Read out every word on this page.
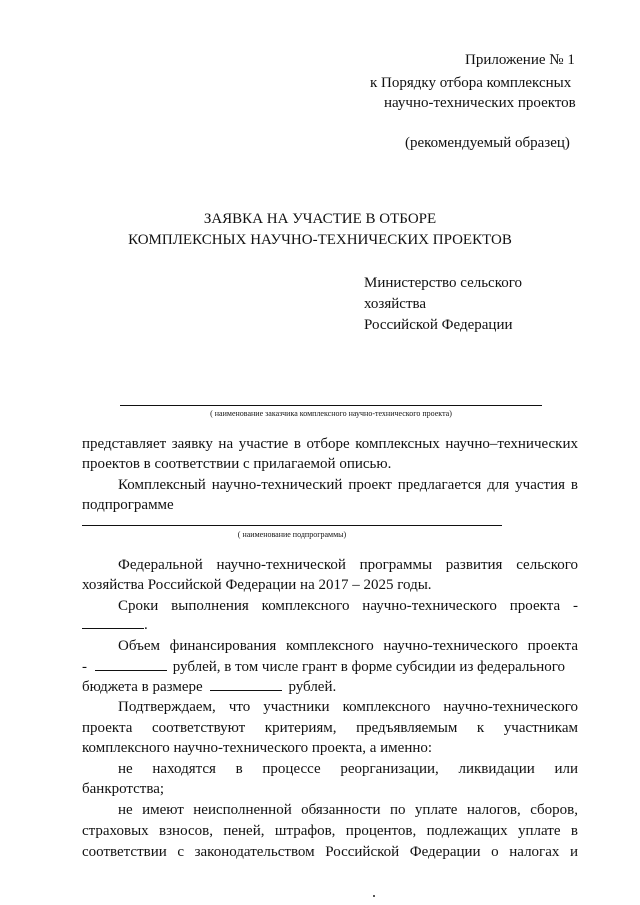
Приложение № 1
к Порядку отбора комплексных
научно-технических проектов
(рекомендуемый образец)
ЗАЯВКА НА УЧАСТИЕ В ОТБОРЕ
КОМПЛЕКСНЫХ НАУЧНО-ТЕХНИЧЕСКИХ ПРОЕКТОВ
Министерство сельского
хозяйства
Российской Федерации
( наименование заказчика комплексного научно-технического проекта)
представляет заявку на участие в отборе комплексных научно–технических
проектов в соответствии с прилагаемой описью.
Комплексный научно-технический проект предлагается для участия в
подпрограмме
( наименование подпрограммы)
Федеральной научно-технической программы развития сельского
хозяйства Российской Федерации на 2017 – 2025 годы.
Сроки выполнения комплексного научно-технического проекта -
.
Объем финансирования комплексного научно-технического проекта
-	рублей, в том числе грант в форме субсидии из федерального
бюджета в размере	рублей.
Подтверждаем, что участники комплексного научно-технического
проекта соответствуют критериям, предъявляемым к участникам
комплексного научно-технического проекта, а именно:
не находятся в процессе реорганизации, ликвидации или
банкротства;
не имеют неисполненной обязанности по уплате налогов, сборов,
страховых взносов, пеней, штрафов, процентов, подлежащих уплате в
соответствии с законодательством Российской Федерации о налогах и
